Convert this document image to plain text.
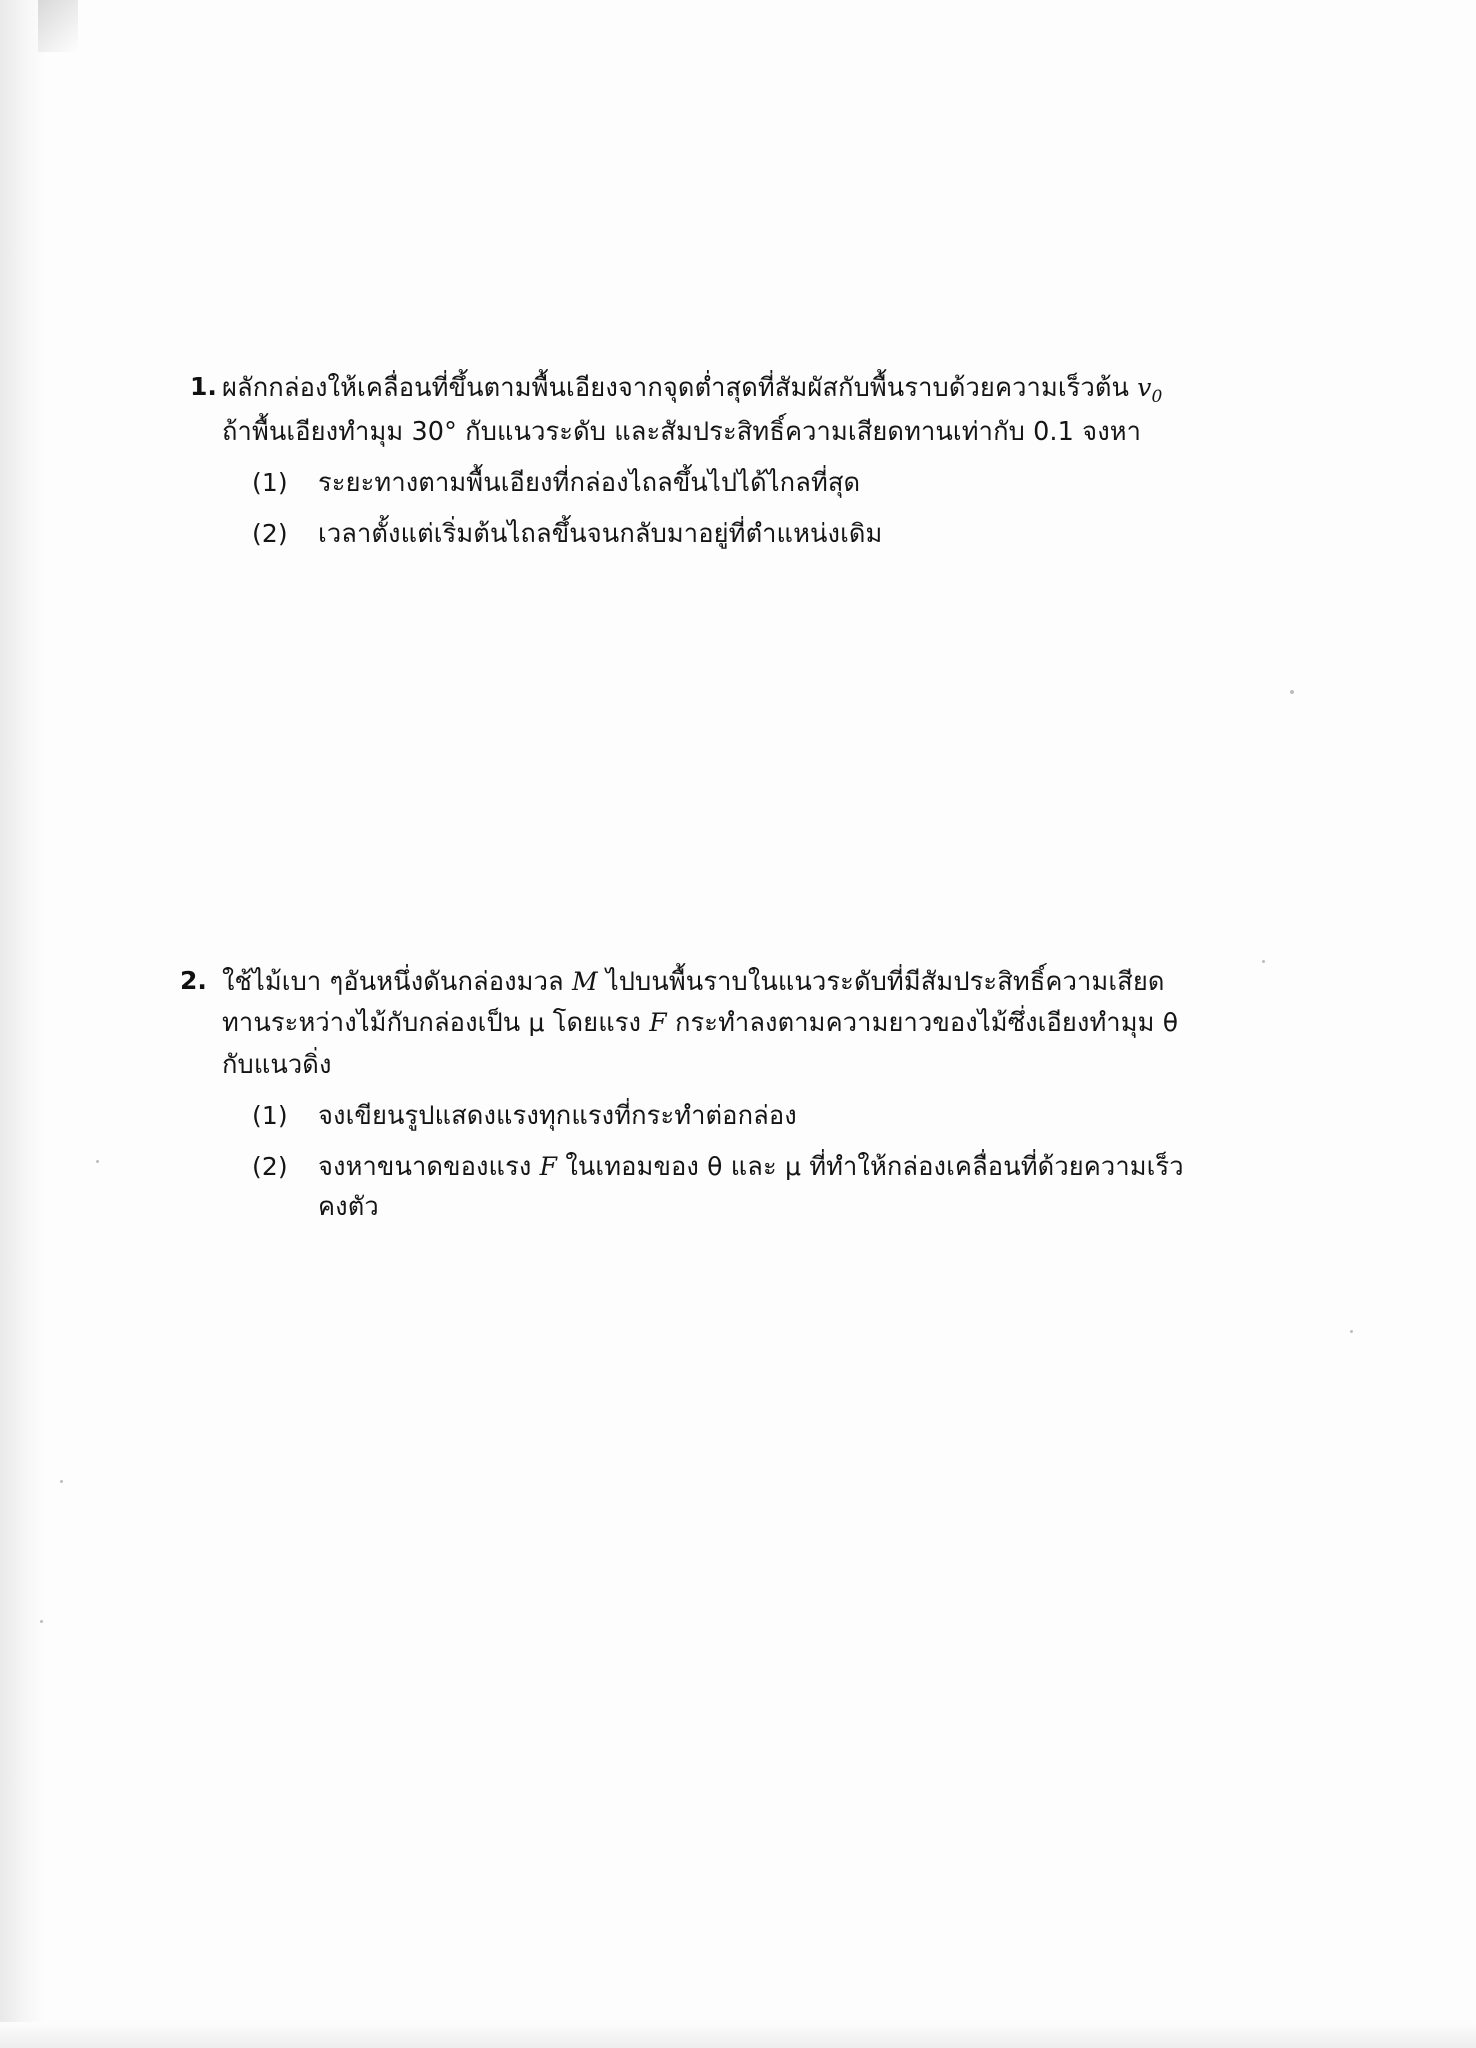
1. ผลักกล่องให้เคลื่อนที่ขึ้นตามพื้นเอียงจากจุดต่ำสุดที่สัมผัสกับพื้นราบด้วยความเร็วต้น $v_0$
ถ้าพื้นเอียงทำมุม 30° กับแนวระดับ และสัมประสิทธิ์ความเสียดทานเท่ากับ 0.1 จงหา
(1)	ระยะทางตามพื้นเอียงที่กล่องไถลขึ้นไปได้ไกลที่สุด
(2)	เวลาตั้งแต่เริ่มต้นไถลขึ้นจนกลับมาอยู่ที่ตำแหน่งเดิม
2. ใช้ไม้เบา ๆอันหนึ่งดันกล่องมวล M ไปบนพื้นราบในแนวระดับที่มีสัมประสิทธิ์ความเสียด
ทานระหว่างไม้กับกล่องเป็น μ โดยแรง F กระทำลงตามความยาวของไม้ซึ่งเอียงทำมุม θ
กับแนวดิ่ง
(1)	จงเขียนรูปแสดงแรงทุกแรงที่กระทำต่อกล่อง
(2)	จงหาขนาดของแรง F ในเทอมของ θ และ μ ที่ทำให้กล่องเคลื่อนที่ด้วยความเร็ว
คงตัว
